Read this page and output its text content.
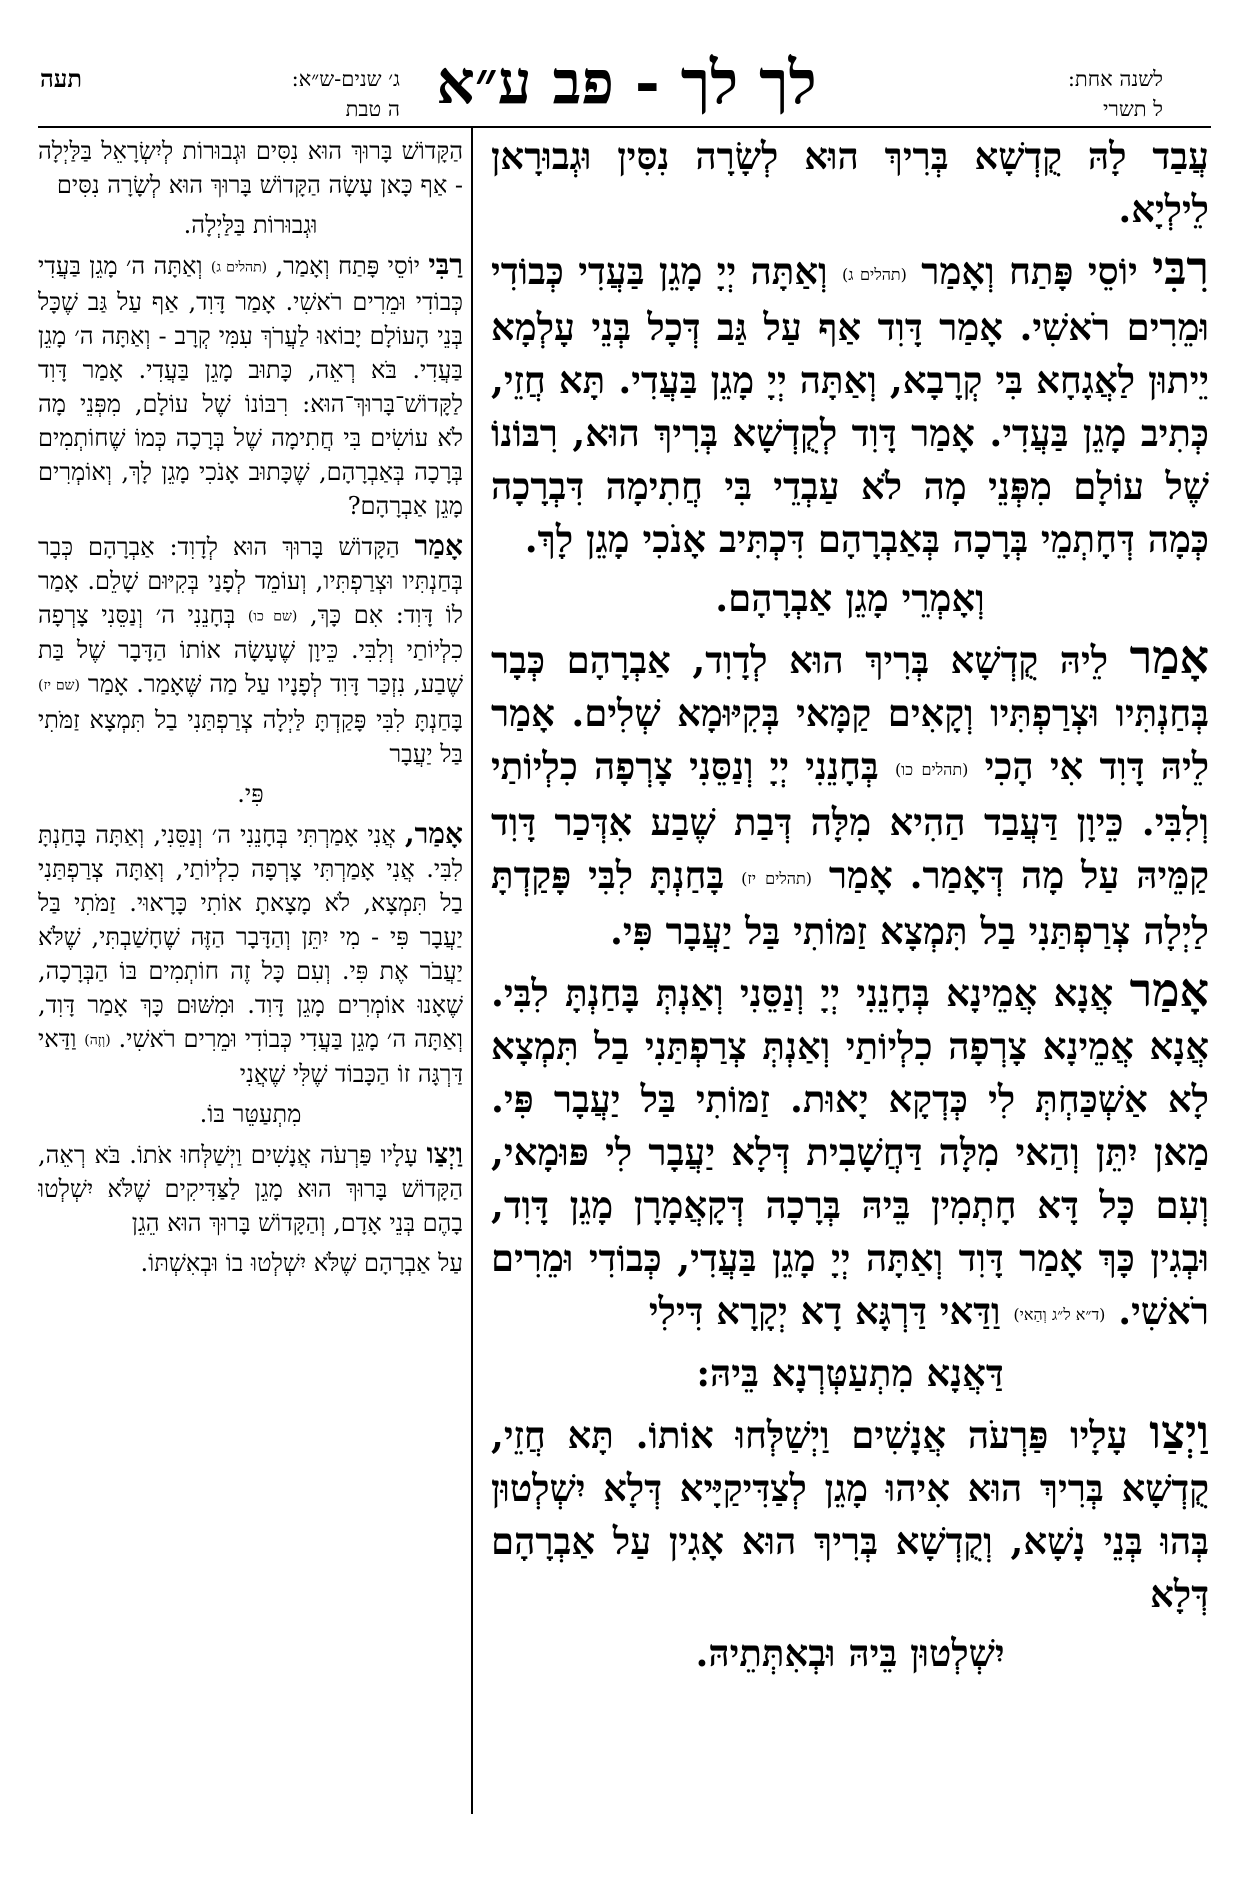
לשנה אחת:
ל תשרי
לך לך - פב ע״א
ג׳ שנים-ש״א:
ה טבת
תעה

עֲבַד לָהּ קֻדְשָׁא בְּרִיךְ הוּא לְשָׂרָה נִסִּין וּגְבוּרָאן לֵילְיָא.

רִבִּי יוֹסֵי פָּתַח וְאָמַר (תהלים ג) וְאַתָּה יְיָ מָגֵן בַּעֲדִי כְּבוֹדִי וּמֵרִים רֹאשִׁי. אָמַר דָּוִד אַף עַל גַּב דְּכָל בְּנֵי עָלְמָא יֵיתוּן לַאֲגָחָא בִּי קְרָבָא, וְאַתָּה יְיָ מָגֵן בַּעֲדִי. תָּא חֲזֵי, כְּתִיב מָגֵן בַּעֲדִי. אָמַר דָּוִד לְקֻדְשָׁא בְּרִיךְ הוּא, רִבּוֹנוֹ שֶׁל עוֹלָם מִפְּנֵי מָה לֹא עַבְדֵי בִּי חֲתִימָה דִּבְרָכָה כְּמָה דְּחָתְמֵי בְּרָכָה בְּאַבְרָהָם דִּכְתִּיב אָנֹכִי מָגֵן לָךְ.

וְאָמְרֵי מָגֵן אַבְרָהָם.

אָמַר לֵיהּ קֻדְשָׁא בְּרִיךְ הוּא לְדָוִד, אַבְרָהָם כְּבָר בְּחַנְתִּיו וּצְרַפְתִּיו וְקָאִים קַמָּאי בְּקִיּוּמָא שְׁלִים. אָמַר לֵיהּ דָּוִד אִי הָכִי (תהלים כו) בְּחָנֵנִי יְיָ וְנַסֵּנִי צָרְפָה כִלְיוֹתַי וְלִבִּי. כֵּיוָן דַּעֲבַד הַהִיא מִלָּה דְּבַת שֶׁבַע אִדְּכַר דָּוִד קַמֵּיהּ עַל מָה דְּאָמַר. אָמַר (תהלים יז) בָּחַנְתָּ לִבִּי פָּקַדְתָּ לַיְלָה צְרַפְתַּנִי בַל תִּמְצָא זַמּוֹתִי בַּל יַעֲבָר פִּי.

אָמַר אֲנָא אֲמֵינָא בְּחָנֵנִי יְיָ וְנַסֵּנִי וְאַנְתְּ בָּחַנְתָּ לִבִּי. אֲנָא אֲמֵינָא צָרְפָה כִלְיוֹתַי וְאַנְתְּ צְרַפְתַּנִי בַל תִּמְצָא לָא אַשְׁכַּחְתְּ לִי כְּדְקָא יָאוּת. זַמּוֹתִי בַּל יַעֲבָר פִּי. מַאן יִתֵּן וְהַאי מִלָּה דַּחֲשָׁבִית דְּלָא יַעֲבָר לִי פּוּמָאי, וְעִם כָּל דָּא חָתְמִין בֵּיהּ בְּרָכָה דְּקָאֲמָרָן מָגֵן דָּוִד, וּבְגִין כָּךְ אָמַר דָּוִד וְאַתָּה יְיָ מָגֵן בַּעֲדִי, כְּבוֹדִי וּמֵרִים רֹאשִׁי. (ד״א ל״ג וְהַאי) וַדַּאי דַּרְגָּא דָא יְקָרָא דִּילִי

דַּאֲנָא מִתְעַטְּרְנָא בֵּיהּ:

וַיְצַו עָלָיו פַּרְעֹה אֲנָשִׁים וַיְשַׁלְּחוּ אוֹתוֹ. תָּא חֲזֵי, קֻדְשָׁא בְּרִיךְ הוּא אִיהוּ מָגֵן לְצַדִּיקַיָּיא דְּלָא יִשְׁלְטוּן בְּהוּ בְּנֵי נָשָׁא, וְקֻדְשָׁא בְּרִיךְ הוּא אָגִין עַל אַבְרָהָם דְּלָא

יִשְׁלְטוּן בֵּיהּ וּבְאִתְּתֵיהּ.

הַקָּדוֹשׁ בָּרוּךְ הוּא נִסִּים וּגְבוּרוֹת לְיִשְׂרָאֵל בַּלַּיְלָה - אַף כָּאן עָשָׂה הַקָּדוֹשׁ בָּרוּךְ הוּא לְשָׂרָה נִסִּים

וּגְבוּרוֹת בַּלַּיְלָה.

רַבִּי יוֹסֵי פָּתַח וְאָמַר, (תהלים ג) וְאַתָּה ה׳ מָגֵן בַּעֲדִי כְּבוֹדִי וּמֵרִים רֹאשִׁי. אָמַר דָּוִד, אַף עַל גַּב שֶׁכָּל בְּנֵי הָעוֹלָם יָבוֹאוּ לַעֲרֹךְ עִמִּי קְרָב - וְאַתָּה ה׳ מָגֵן בַּעֲדִי. בֹּא רְאֵה, כָּתוּב מָגֵן בַּעֲדִי. אָמַר דָּוִד לַקָּדוֹשׁ־בָּרוּךְ־הוּא: רִבּוֹנוֹ שֶׁל עוֹלָם, מִפְּנֵי מָה לֹא עוֹשִׂים בִּי חֲתִימָה שֶׁל בְּרָכָה כְּמוֹ שֶׁחוֹתְמִים בְּרָכָה בְּאַבְרָהָם, שֶׁכָּתוּב אָנֹכִי מָגֵן לָךְ, וְאוֹמְרִים מָגֵן אַבְרָהָם?

אָמַר הַקָּדוֹשׁ בָּרוּךְ הוּא לְדָוִד: אַבְרָהָם כְּבָר בְּחַנְתִּיו וּצְרַפְתִּיו, וְעוֹמֵד לְפָנַי בְּקִיּוּם שָׁלֵם. אָמַר לוֹ דָּוִד: אִם כָּךְ, (שם כו) בְּחָנֵנִי ה׳ וְנַסֵּנִי צָרְפָה כִלְיוֹתַי וְלִבִּי. כֵּיוָן שֶׁעָשָׂה אוֹתוֹ הַדָּבָר שֶׁל בַּת שֶׁבַע, נִזְכַּר דָּוִד לְפָנָיו עַל מַה שֶּׁאָמַר. אָמַר (שם יז) בָּחַנְתָּ לִבִּי פָּקַדְתָּ לַּיְלָה צְרַפְתַּנִי בַל תִּמְצָא זַמֹּתִי בַּל יַעֲבָר

פִּי.

אָמַר, אֲנִי אָמַרְתִּי בְּחָנֵנִי ה׳ וְנַסֵּנִי, וְאַתָּה בָּחַנְתָּ לִבִּי. אֲנִי אָמַרְתִּי צָרְפָה כִלְיוֹתַי, וְאַתָּה צְרַפְתַּנִי בַל תִּמְצָא, לֹא מָצָאתָ אוֹתִי כָּרָאוּי. זַמֹּתִי בַּל יַעֲבָר פִּי - מִי יִתֵּן וְהַדָּבָר הַזֶּה שֶׁחָשַׁבְתִּי, שֶׁלֹּא יַעֲבֹר אֶת פִּי. וְעִם כָּל זֶה חוֹתְמִים בּוֹ הַבְּרָכָה, שֶׁאָנוּ אוֹמְרִים מָגֵן דָּוִד. וּמִשּׁוּם כָּךְ אָמַר דָּוִד, וְאַתָּה ה׳ מָגֵן בַּעֲדִי כְּבוֹדִי וּמֵרִים רֹאשִׁי. (וְזֶה) וַדַּאי דַּרְגָּה זוֹ הַכָּבוֹד שֶׁלִּי שֶׁאֲנִי

מִתְעַטֵּר בּוֹ.

וַיְצַו עָלָיו פַּרְעֹה אֲנָשִׁים וַיְשַׁלְּחוּ אֹתוֹ. בֹּא רְאֵה, הַקָּדוֹשׁ בָּרוּךְ הוּא מָגֵן לַצַּדִּיקִים שֶׁלֹּא יִשְׁלְטוּ בָהֶם בְּנֵי אָדָם, וְהַקָּדוֹשׁ בָּרוּךְ הוּא הֵגֵן

עַל אַבְרָהָם שֶׁלֹּא יִשְׁלְטוּ בוֹ וּבְאִשְׁתּוֹ.
